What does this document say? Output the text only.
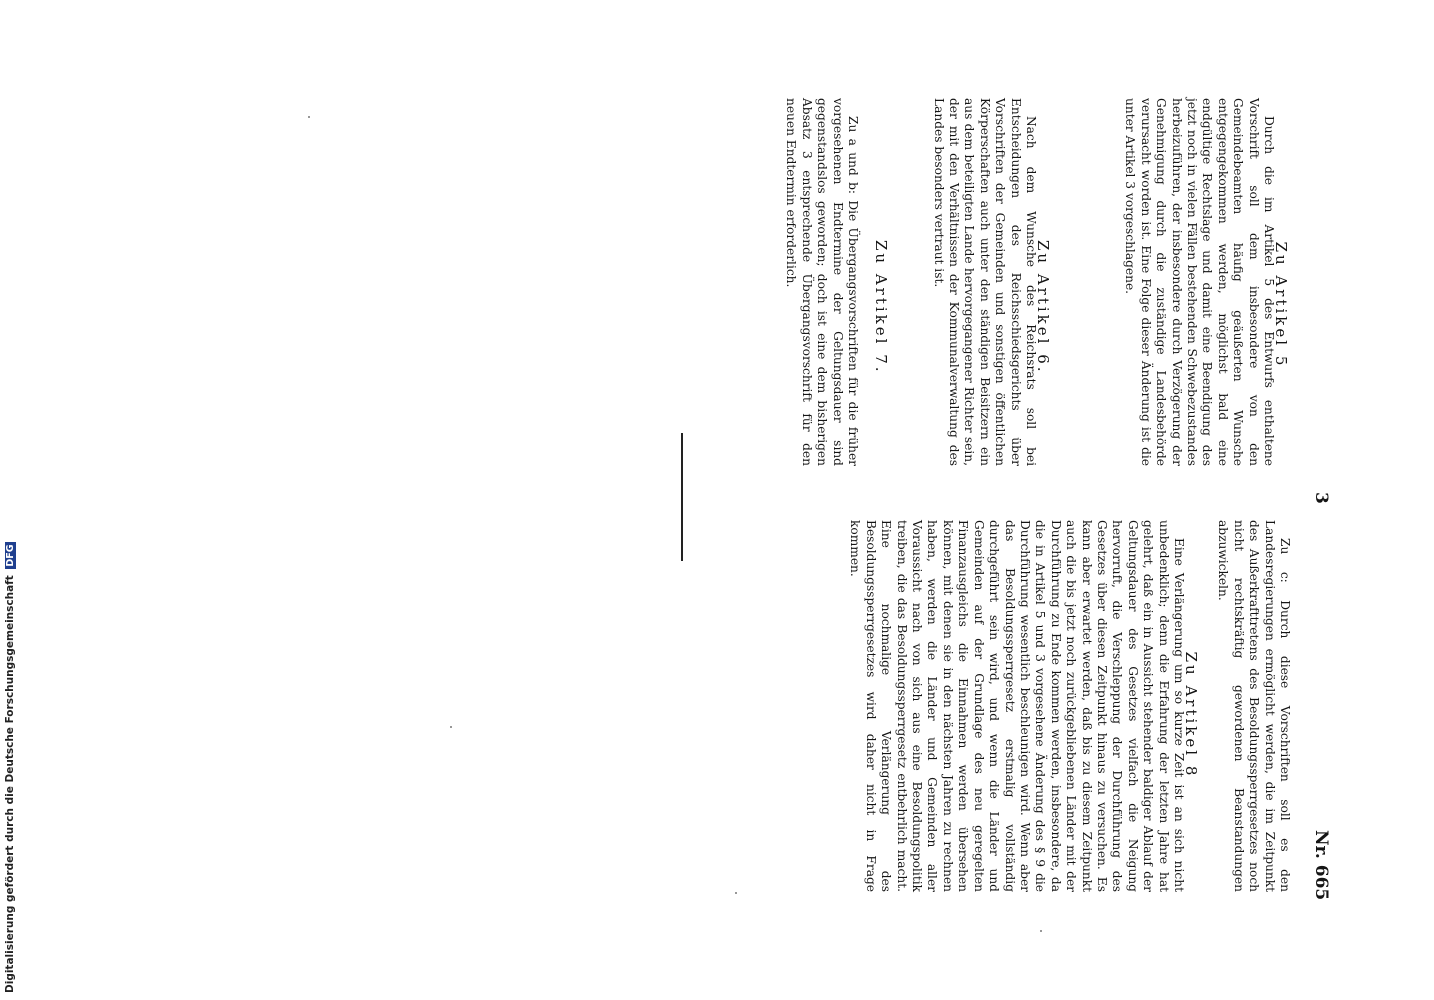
Nr. 665
3
Zu Artikel 5

Durch die im Artikel 5 des Entwurfs enthaltene Vorschrift soll dem insbesondere von den Gemeindebeamten häufig geäußerten Wunsche entgegengekommen werden, möglichst bald eine endgültige Rechtslage und damit eine Beendigung des jetzt noch in vielen Fällen bestehenden Schwebezustandes herbeizuführen, der insbesondere durch Verzögerung der Genehmigung durch die zuständige Landesbehörde verursacht worden ist. Eine Folge dieser Änderung ist die unter Artikel 3 vorgeschlagene.

Zu Artikel 6.

Nach dem Wunsche des Reichsrats soll bei Entscheidungen des Reichsschiedsgerichts über Vorschriften der Gemeinden und sonstigen öffentlichen Körperschaften auch unter den ständigen Beisitzern ein aus dem beteiligten Lande hervorgegangener Richter sein, der mit den Verhältnissen der Kommunalverwaltung des Landes besonders vertraut ist.

Zu Artikel 7.

Zu a und b: Die Übergangsvorschriften für die früher vorgesehenen Endtermine der Geltungsdauer sind gegenstandslos geworden; doch ist eine dem bisherigen Absatz 3 entsprechende Übergangsvorschrift für den neuen Endtermin erforderlich.

Zu c: Durch diese Vorschriften soll es den Landesregierungen ermöglicht werden, die im Zeitpunkt des Außerkrafttretens des Besoldungssperrgesetzes noch nicht rechtskräftig gewordenen Beanstandungen abzuwickeln.

Zu Artikel 8

Eine Verlängerung um so kurze Zeit ist an sich nicht unbedenklich; denn die Erfahrung der letzten Jahre hat gelehrt, daß ein in Aussicht stehender baldiger Ablauf der Geltungsdauer des Gesetzes vielfach die Neigung hervorruft, die Verschleppung der Durchführung des Gesetzes über diesen Zeitpunkt hinaus zu versuchen. Es kann aber erwartet werden, daß bis zu diesem Zeitpunkt auch die bis jetzt noch zurückgebliebenen Länder mit der Durchführung zu Ende kommen werden, insbesondere, da die in Artikel 5 und 3 vorgesehene Änderung des § 9 die Durchführung wesentlich beschleunigen wird. Wenn aber das Besoldungssperrgesetz erstmalig vollständig durchgeführt sein wird, und wenn die Länder und Gemeinden auf der Grundlage des neu geregelten Finanzausgleichs die Einnahmen werden übersehen können, mit denen sie in den nächsten Jahren zu rechnen haben, werden die Länder und Gemeinden aller Voraussicht nach von sich aus eine Besoldungspolitik treiben, die das Besoldungssperrgesetz entbehrlich macht. Eine nochmalige Verlängerung des Besoldungssperrgesetzes wird daher nicht in Frage kommen.

Digitalisierung gefördert durch die Deutsche Forschungsgemeinschaft DFG
